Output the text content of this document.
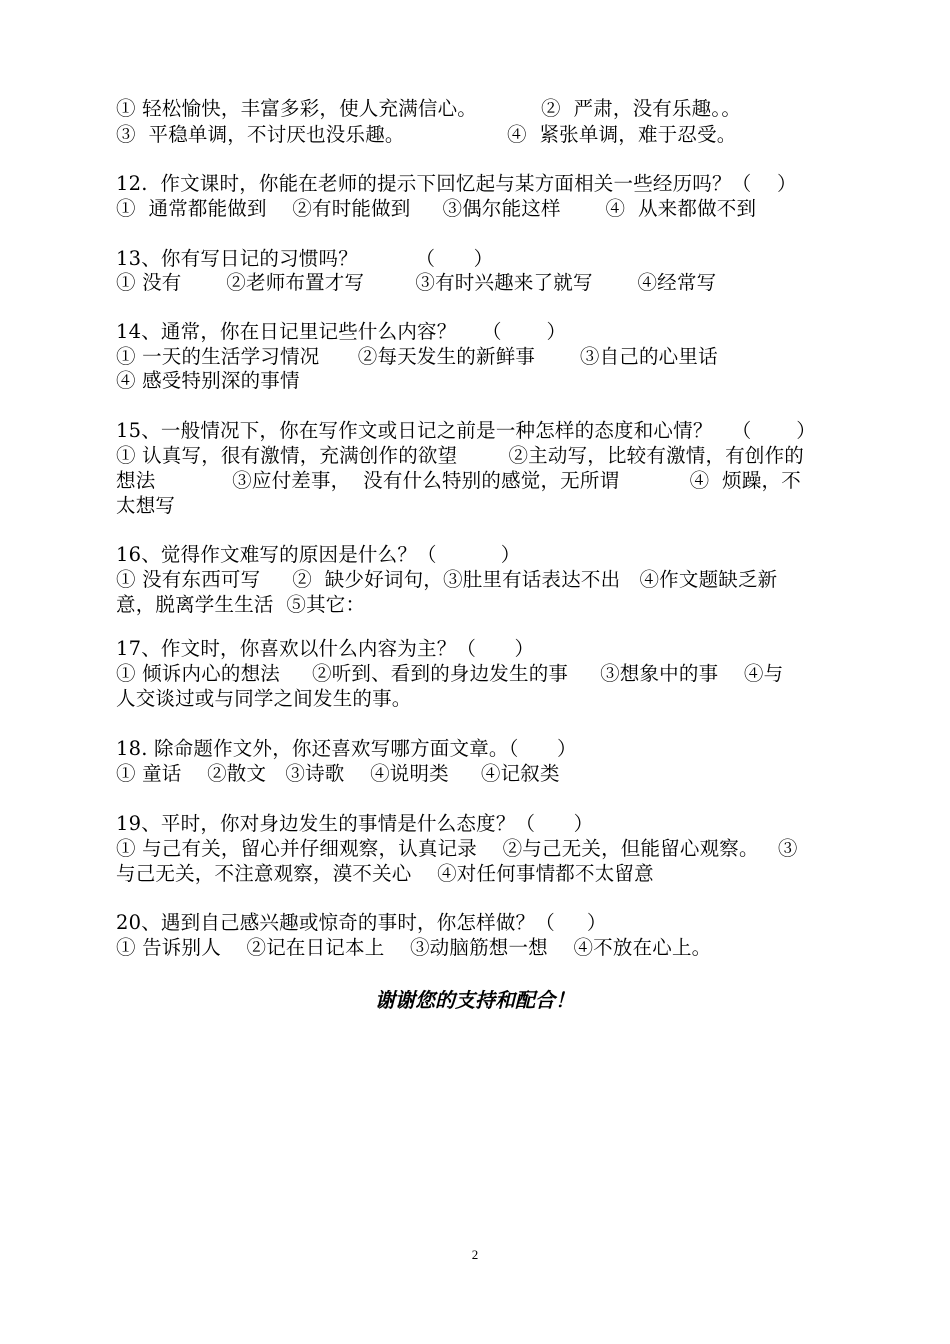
① 轻松愉快，丰富多彩，使人充满信心。          ②  严肃，没有乐趣。。
③  平稳单调，不讨厌也没乐趣。                ④  紧张单调，难于忍受。
12.  作文课时，你能在老师的提示下回忆起与某方面相关一些经历吗？（    ）
①  通常都能做到    ②有时能做到     ③偶尔能这样       ④  从来都做不到
13、你有写日记的习惯吗？         （      ）
① 没有       ②老师布置才写        ③有时兴趣来了就写       ④经常写
14、通常，你在日记里记些什么内容？    （       ）
① 一天的生活学习情况      ②每天发生的新鲜事       ③自己的心里话
④ 感受特别深的事情
15、一般情况下，你在写作文或日记之前是一种怎样的态度和心情？   （       ）
① 认真写，很有激情，充满创作的欲望        ②主动写，比较有激情，有创作的
想法            ③应付差事，  没有什么特别的感觉，无所谓           ④  烦躁，不
太想写
16、觉得作文难写的原因是什么？（          ）
① 没有东西可写     ②  缺少好词句，③肚里有话表达不出   ④作文题缺乏新
意，脱离学生生活  ⑤其它：
17、作文时，你喜欢以什么内容为主？（      ）
① 倾诉内心的想法     ②听到、看到的身边发生的事     ③想象中的事    ④与
人交谈过或与同学之间发生的事。
18. 除命题作文外，你还喜欢写哪方面文章。（      ）
① 童话    ②散文   ③诗歌    ④说明类     ④记叙类
19、平时，你对身边发生的事情是什么态度？（      ）
① 与己有关，留心并仔细观察，认真记录    ②与己无关，但能留心观察。   ③
与己无关，不注意观察，漠不关心    ④对任何事情都不太留意
20、遇到自己感兴趣或惊奇的事时，你怎样做？（     ）
① 告诉别人    ②记在日记本上    ③动脑筋想一想    ④不放在心上。
谢谢您的支持和配合！
2
